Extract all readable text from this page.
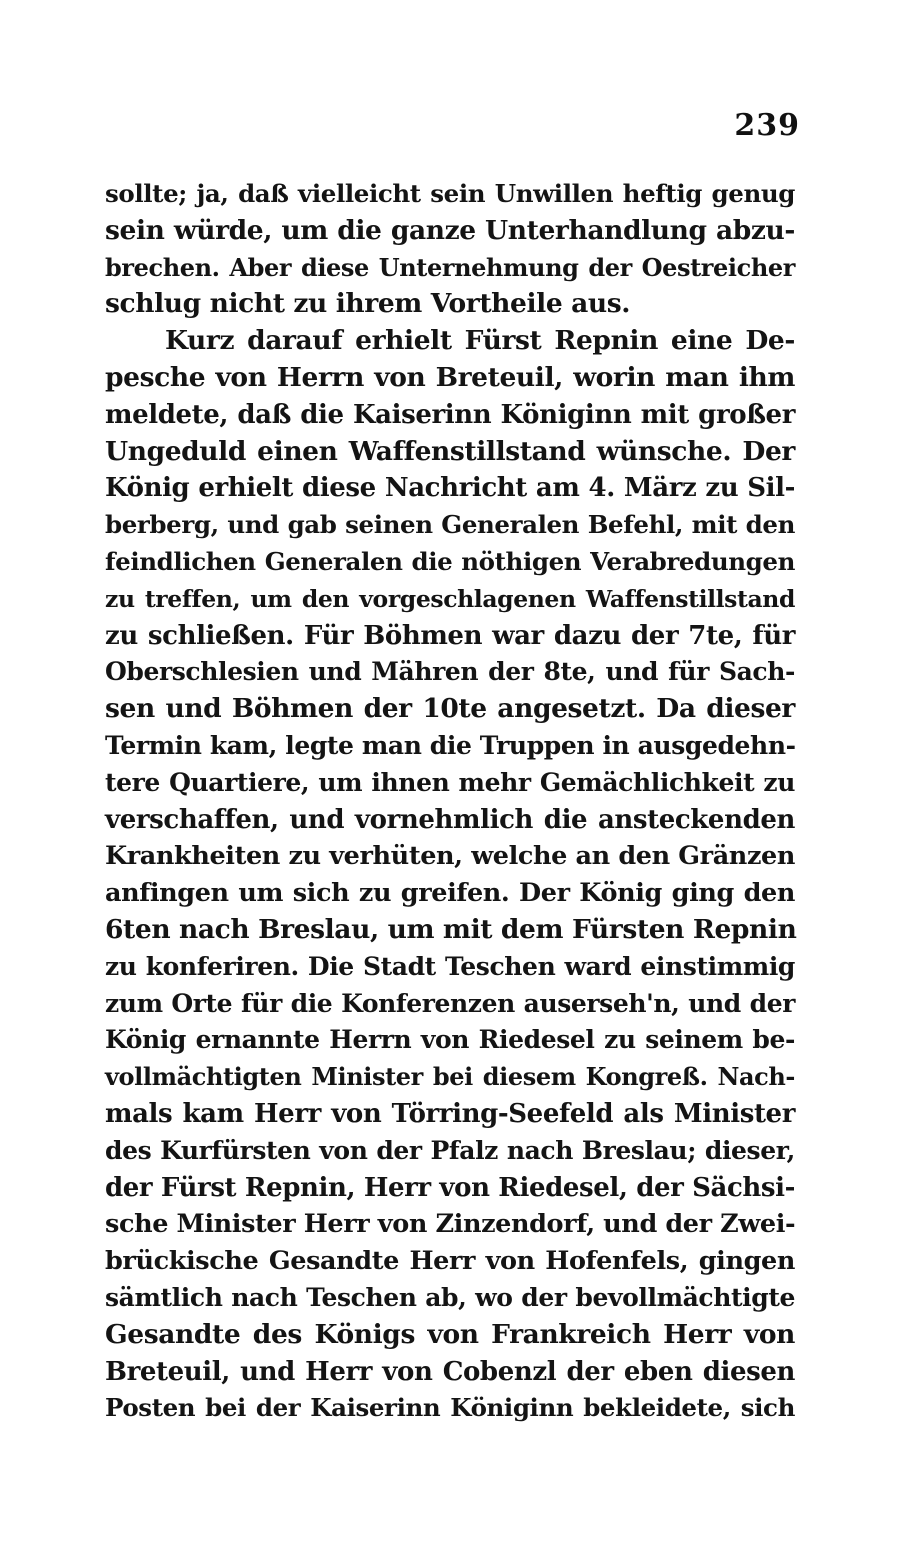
239
sollte; ja, daß vielleicht sein Unwillen heftig genug
sein würde, um die ganze Unterhandlung abzu-
brechen. Aber diese Unternehmung der Oestreicher
schlug nicht zu ihrem Vortheile aus.
Kurz darauf erhielt Fürst Repnin eine De-
pesche von Herrn von Breteuil, worin man ihm
meldete, daß die Kaiserinn Königinn mit großer
Ungeduld einen Waffenstillstand wünsche. Der
König erhielt diese Nachricht am 4. März zu Sil-
berberg, und gab seinen Generalen Befehl, mit den
feindlichen Generalen die nöthigen Verabredungen
zu treffen, um den vorgeschlagenen Waffenstillstand
zu schließen. Für Böhmen war dazu der 7te, für
Oberschlesien und Mähren der 8te, und für Sach-
sen und Böhmen der 10te angesetzt. Da dieser
Termin kam, legte man die Truppen in ausgedehn-
tere Quartiere, um ihnen mehr Gemächlichkeit zu
verschaffen, und vornehmlich die ansteckenden
Krankheiten zu verhüten, welche an den Gränzen
anfingen um sich zu greifen. Der König ging den
6ten nach Breslau, um mit dem Fürsten Repnin
zu konferiren. Die Stadt Teschen ward einstimmig
zum Orte für die Konferenzen auserseh'n, und der
König ernannte Herrn von Riedesel zu seinem be-
vollmächtigten Minister bei diesem Kongreß. Nach-
mals kam Herr von Törring-Seefeld als Minister
des Kurfürsten von der Pfalz nach Breslau; dieser,
der Fürst Repnin, Herr von Riedesel, der Sächsi-
sche Minister Herr von Zinzendorf, und der Zwei-
brückische Gesandte Herr von Hofenfels, gingen
sämtlich nach Teschen ab, wo der bevollmächtigte
Gesandte des Königs von Frankreich Herr von
Breteuil, und Herr von Cobenzl der eben diesen
Posten bei der Kaiserinn Königinn bekleidete, sich
